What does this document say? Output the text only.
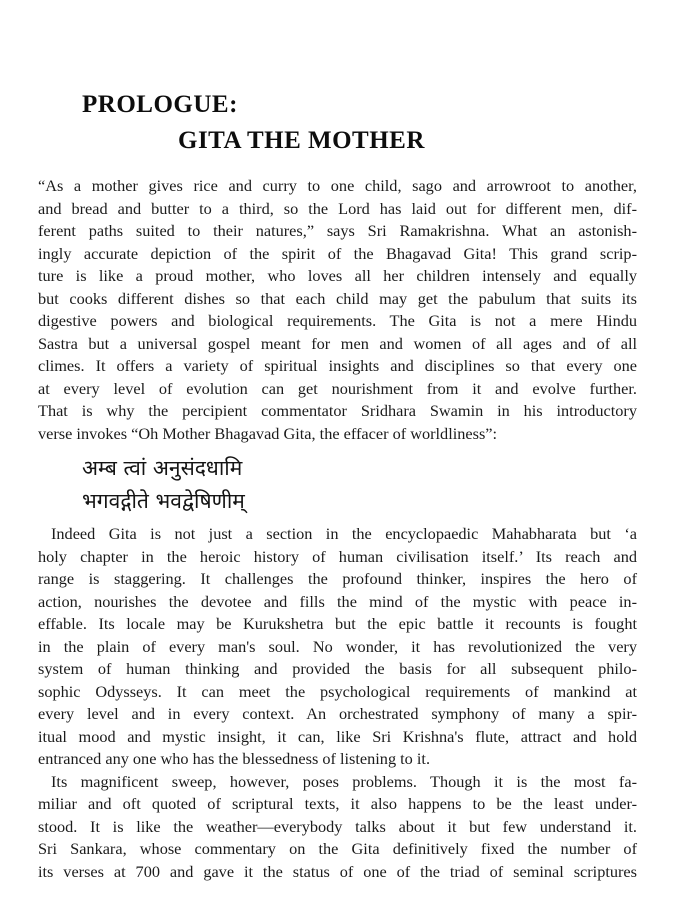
PROLOGUE:
GITA THE MOTHER
“As a mother gives rice and curry to one child, sago and arrowroot to another,
and bread and butter to a third, so the Lord has laid out for different men, dif-
ferent paths suited to their natures,” says Sri Ramakrishna. What an astonish-
ingly accurate depiction of the spirit of the Bhagavad Gita! This grand scrip-
ture is like a proud mother, who loves all her children intensely and equally
but cooks different dishes so that each child may get the pabulum that suits its
digestive powers and biological requirements. The Gita is not a mere Hindu
Sastra but a universal gospel meant for men and women of all ages and of all
climes. It offers a variety of spiritual insights and disciplines so that every one
at every level of evolution can get nourishment from it and evolve further.
That is why the percipient commentator Sridhara Swamin in his introductory
verse invokes “Oh Mother Bhagavad Gita, the effacer of worldliness”:
अम्ब त्वां अनुसंदधामि
भगवद्गीते भवद्वेषिणीम्
Indeed Gita is not just a section in the encyclopaedic Mahabharata but ‘a
holy chapter in the heroic history of human civilisation itself.’ Its reach and
range is staggering. It challenges the profound thinker, inspires the hero of
action, nourishes the devotee and fills the mind of the mystic with peace in-
effable. Its locale may be Kurukshetra but the epic battle it recounts is fought
in the plain of every man's soul. No wonder, it has revolutionized the very
system of human thinking and provided the basis for all subsequent philo-
sophic Odysseys. It can meet the psychological requirements of mankind at
every level and in every context. An orchestrated symphony of many a spir-
itual mood and mystic insight, it can, like Sri Krishna's flute, attract and hold
entranced any one who has the blessedness of listening to it.
Its magnificent sweep, however, poses problems. Though it is the most fa-
miliar and oft quoted of scriptural texts, it also happens to be the least under-
stood. It is like the weather—everybody talks about it but few understand it.
Sri Sankara, whose commentary on the Gita definitively fixed the number of
its verses at 700 and gave it the status of one of the triad of seminal scriptures
